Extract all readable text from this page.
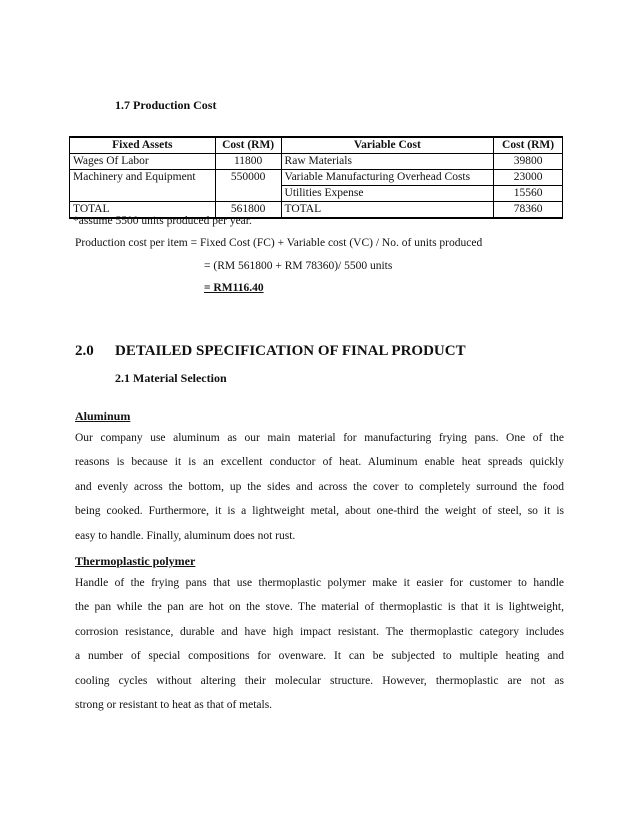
1.7 Production Cost
Fixed Assets	Cost (RM)	Variable Cost	Cost (RM)
Wages Of Labor	11800	Raw Materials	39800
Machinery and Equipment	550000	Variable Manufacturing Overhead Costs	23000
		Utilities Expense	15560
TOTAL	561800	TOTAL	78360
*assume 5500 units produced per year.
Production cost per item = Fixed Cost (FC) + Variable cost (VC) / No. of units produced
= (RM 561800 + RM 78360)/ 5500 units
= RM116.40
2.0 DETAILED SPECIFICATION OF FINAL PRODUCT
2.1 Material Selection
Aluminum
Our company use aluminum as our main material for manufacturing frying pans. One of the
reasons is because it is an excellent conductor of heat. Aluminum enable heat spreads quickly
and evenly across the bottom, up the sides and across the cover to completely surround the food
being cooked. Furthermore, it is a lightweight metal, about one-third the weight of steel, so it is
easy to handle. Finally, aluminum does not rust.
Thermoplastic polymer
Handle of the frying pans that use thermoplastic polymer make it easier for customer to handle
the pan while the pan are hot on the stove. The material of thermoplastic is that it is lightweight,
corrosion resistance, durable and have high impact resistant. The thermoplastic category includes
a number of special compositions for ovenware. It can be subjected to multiple heating and
cooling cycles without altering their molecular structure. However, thermoplastic are not as
strong or resistant to heat as that of metals.
